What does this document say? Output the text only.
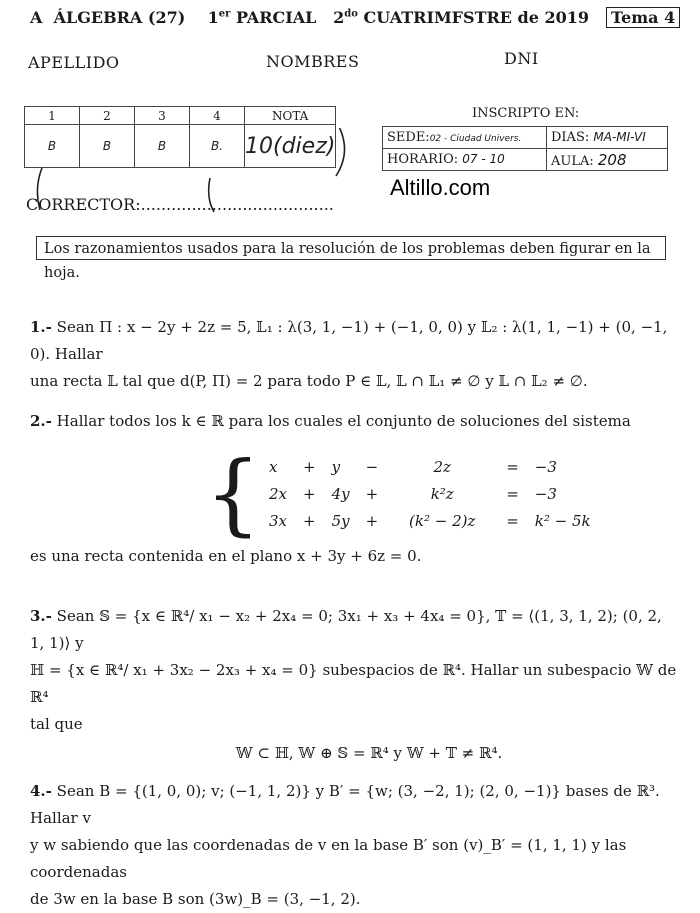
A ÁLGEBRA (27) 1er PARCIAL $2^{do}$ CUATRIMFSTRE de 2019	Tema 4
APELLIDO	NOMBRES	DNI
1	2	3	4	NOTA
B	B	B	B.	10(diez)
CORRECTOR:......................................
INSCRIPTO EN:
SEDE:02 - Ciudad Univers.	DIAS: MA-MI-VI
HORARIO: 07 - 10	AULA: 208
Altillo.com
Los razonamientos usados para la resolución de los problemas deben figurar en la hoja.
1.- Sean Π : x − 2y + 2z = 5, 𝕃₁ : λ(3, 1, −1) + (−1, 0, 0) y 𝕃₂ : λ(1, 1, −1) + (0, −1, 0). Hallar
una recta 𝕃 tal que d(P, Π) = 2 para todo P ∈ 𝕃, 𝕃 ∩ 𝕃₁ ≠ ∅ y 𝕃 ∩ 𝕃₂ ≠ ∅.
2.- Hallar todos los k ∈ ℝ para los cuales el conjunto de soluciones del sistema
{ x	+	y	−	2z	=	−3
2x	+	4y	+	k²z	=	−3
3x	+	5y	+	(k² − 2)z	=	k² − 5k
es una recta contenida en el plano x + 3y + 6z = 0.
3.- Sean 𝕊 = {x ∈ ℝ⁴/ x₁ − x₂ + 2x₄ = 0; 3x₁ + x₃ + 4x₄ = 0}, 𝕋 = ⟨(1, 3, 1, 2); (0, 2, 1, 1)⟩ y
ℍ = {x ∈ ℝ⁴/ x₁ + 3x₂ − 2x₃ + x₄ = 0} subespacios de ℝ⁴. Hallar un subespacio 𝕎 de ℝ⁴
tal que
𝕎 ⊂ ℍ, 𝕎 ⊕ 𝕊 = ℝ⁴ y 𝕎 + 𝕋 ≠ ℝ⁴.
4.- Sean B = {(1, 0, 0); v; (−1, 1, 2)} y B′ = {w; (3, −2, 1); (2, 0, −1)} bases de ℝ³. Hallar v
y w sabiendo que las coordenadas de v en la base B′ son (v)_B′ = (1, 1, 1) y las coordenadas
de 3w en la base B son (3w)_B = (3, −1, 2).
